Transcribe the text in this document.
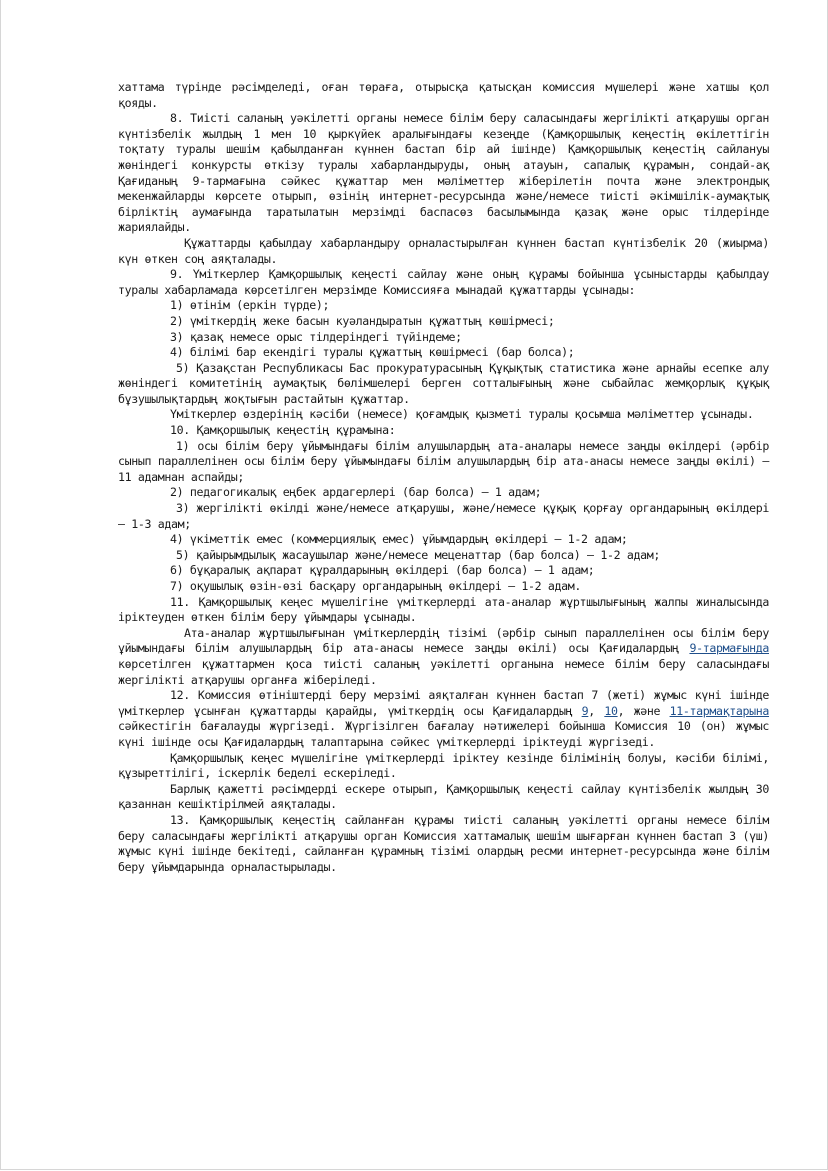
хаттама түрінде рәсімделеді, оған төраға, отырысқа қатысқан комиссия мүшелері және хатшы қол қояды.

8. Тиісті саланың уәкілетті органы немесе білім беру саласындағы жергілікті атқарушы орган күнтізбелік жылдың 1 мен 10 қыркүйек аралығындағы кезеңде (Қамқоршылық кеңестің өкілеттігін тоқтату туралы шешім қабылданған күннен бастап бір ай ішінде) Қамқоршылық кеңестің сайлануы жөніндегі конкурсты өткізу туралы хабарландыруды, оның атауын, сапалық құрамын, сондай-ақ Қағиданың 9-тармағына сәйкес құжаттар мен мәліметтер жіберілетін почта және электрондық мекенжайларды көрсете отырып, өзінің интернет-ресурсында және/немесе тиісті әкімшілік-аумақтық бірліктің аумағында таратылатын мерзімді баспасөз басылымында қазақ және орыс тілдерінде жариялайды.

Құжаттарды қабылдау хабарландыру орналастырылған күннен бастап күнтізбелік 20 (жиырма) күн өткен соң аяқталады.

9. Үміткерлер Қамқоршылық кеңесті сайлау және оның құрамы бойынша ұсыныстарды қабылдау туралы хабарламада көрсетілген мерзімде Комиссияға мынадай құжаттарды ұсынады:

1) өтінім (еркін түрде);

2) үміткердің жеке басын куәландыратын құжаттың көшірмесі;

3) қазақ немесе орыс тілдеріндегі түйіндеме;

4) білімі бар екендігі туралы құжаттың көшірмесі (бар болса);

5) Қазақстан Республикасы Бас прокуратурасының Құқықтық статистика және арнайы есепке алу жөніндегі комитетінің аумақтық бөлімшелері берген сотталығының және сыбайлас жемқорлық құқық бұзушылықтардың жоқтығын растайтын құжаттар.

Үміткерлер өздерінің кәсіби (немесе) қоғамдық қызметі туралы қосымша мәліметтер ұсынады.

10. Қамқоршылық кеңестің құрамына:

1) осы білім беру ұйымындағы білім алушылардың ата-аналары немесе заңды өкілдері (әрбір сынып параллелінен осы білім беру ұйымындағы білім алушылардың бір ата-анасы немесе заңды өкілі) – 11 адамнан аспайды;

2) педагогикалық еңбек ардагерлері (бар болса) – 1 адам;

3) жергілікті өкілді және/немесе атқарушы, және/немесе құқық қорғау органдарының өкілдері – 1-3 адам;

4) үкіметтік емес (коммерциялық емес) ұйымдардың өкілдері – 1-2 адам;

5) қайырымдылық жасаушылар және/немесе меценаттар (бар болса) – 1-2 адам;

6) бұқаралық ақпарат құралдарының өкілдері (бар болса) – 1 адам;

7) оқушылық өзін-өзі басқару органдарының өкілдері – 1-2 адам.

11. Қамқоршылық кеңес мүшелігіне үміткерлерді ата-аналар жұртшылығының жалпы жиналысында іріктеуден өткен білім беру ұйымдары ұсынады.

Ата-аналар жұртшылығынан үміткерлердің тізімі (әрбір сынып параллелінен осы білім беру ұйымындағы білім алушылардың бір ата-анасы немесе заңды өкілі) осы Қағидалардың 9-тармағында көрсетілген құжаттармен қоса тиісті саланың уәкілетті органына немесе білім беру саласындағы жергілікті атқарушы органға жіберіледі.

12. Комиссия өтініштерді беру мерзімі аяқталған күннен бастап 7 (жеті) жұмыс күні ішінде үміткерлер ұсынған құжаттарды қарайды, үміткердің осы Қағидалардың 9, 10, және 11-тармақтарына сәйкестігін бағалауды жүргізеді. Жүргізілген бағалау нәтижелері бойынша Комиссия 10 (он) жұмыс күні ішінде осы Қағидалардың талаптарына сәйкес үміткерлерді іріктеуді жүргізеді.

Қамқоршылық кеңес мүшелігіне үміткерлерді іріктеу кезінде білімінің болуы, кәсіби білімі, құзыреттілігі, іскерлік беделі ескеріледі.

Барлық қажетті рәсімдерді ескере отырып, Қамқоршылық кеңесті сайлау күнтізбелік жылдың 30 қазаннан кешіктірілмей аяқталады.

13. Қамқоршылық кеңестің сайланған құрамы тиісті саланың уәкілетті органы немесе білім беру саласындағы жергілікті атқарушы орган Комиссия хаттамалық шешім шығарған күннен бастап 3 (үш) жұмыс күні ішінде бекітеді, сайланған құрамның тізімі олардың ресми интернет-ресурсында және білім беру ұйымдарында орналастырылады.
